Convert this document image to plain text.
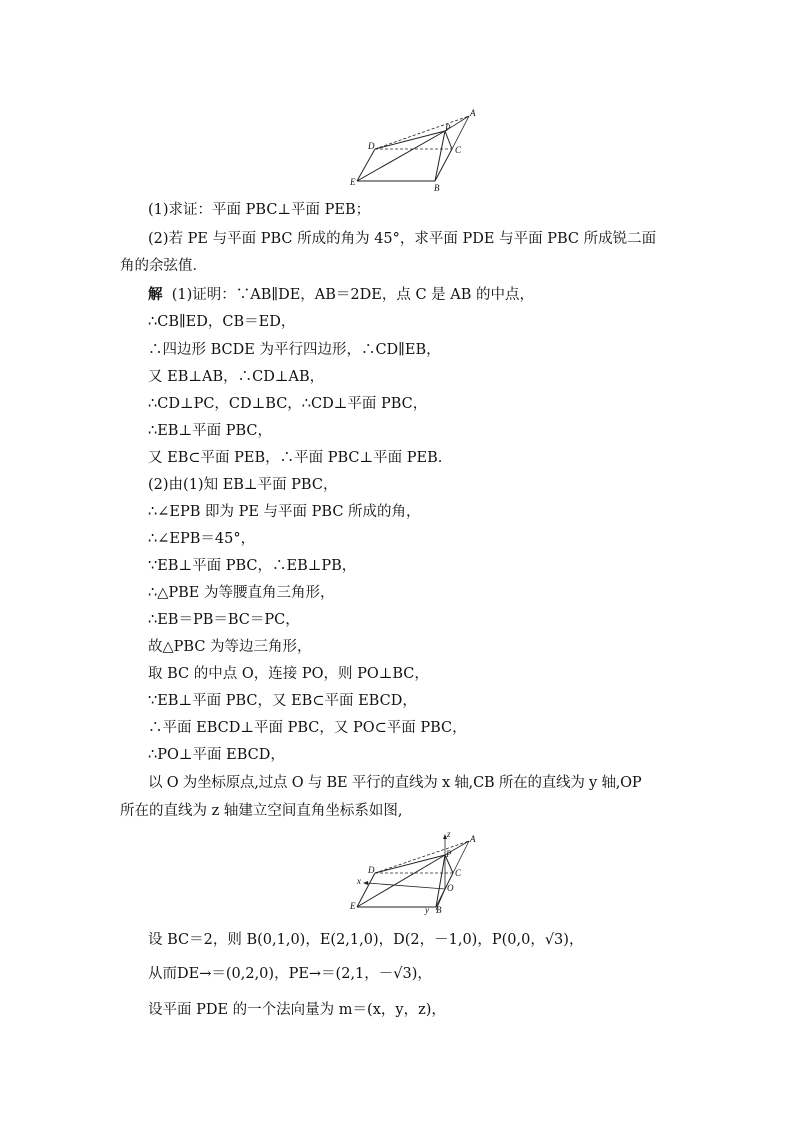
A
P
D	C
E
B
(1)求证：平面 PBC⊥平面 PEB；
(2)若 PE 与平面 PBC 所成的角为 45°，求平面 PDE 与平面 PBC 所成锐二面
角的余弦值．
解 (1)证明：∵AB∥DE，AB＝2DE，点 C 是 AB 的中点，
∴CB∥ED，CB＝ED，
∴四边形 BCDE 为平行四边形，∴CD∥EB，
又 EB⊥AB，∴CD⊥AB，
∴CD⊥PC，CD⊥BC，∴CD⊥平面 PBC，
∴EB⊥平面 PBC，
又 EB⊂平面 PEB，∴平面 PBC⊥平面 PEB.
(2)由(1)知 EB⊥平面 PBC，
∴∠EPB 即为 PE 与平面 PBC 所成的角，
∴∠EPB＝45°，
∵EB⊥平面 PBC，∴EB⊥PB，
∴△PBE 为等腰直角三角形，
∴EB＝PB＝BC＝PC，
故△PBC 为等边三角形，
取 BC 的中点 O，连接 PO，则 PO⊥BC，
∵EB⊥平面 PBC，又 EB⊂平面 EBCD，
∴平面 EBCD⊥平面 PBC，又 PO⊂平面 PBC，
∴PO⊥平面 EBCD，
以 O 为坐标原点,过点 O 与 BE 平行的直线为 x 轴,CB 所在的直线为 y 轴,OP
所在的直线为 z 轴建立空间直角坐标系如图,
z A
P
D	C
x
O
E	y B
设 BC＝2，则 B(0,1,0)，E(2,1,0)，D(2，－1,0)，P(0,0，√3)，
从而DE→＝(0,2,0)，PE→＝(2,1，－√3)，
设平面 PDE 的一个法向量为 m＝(x，y，z)，
